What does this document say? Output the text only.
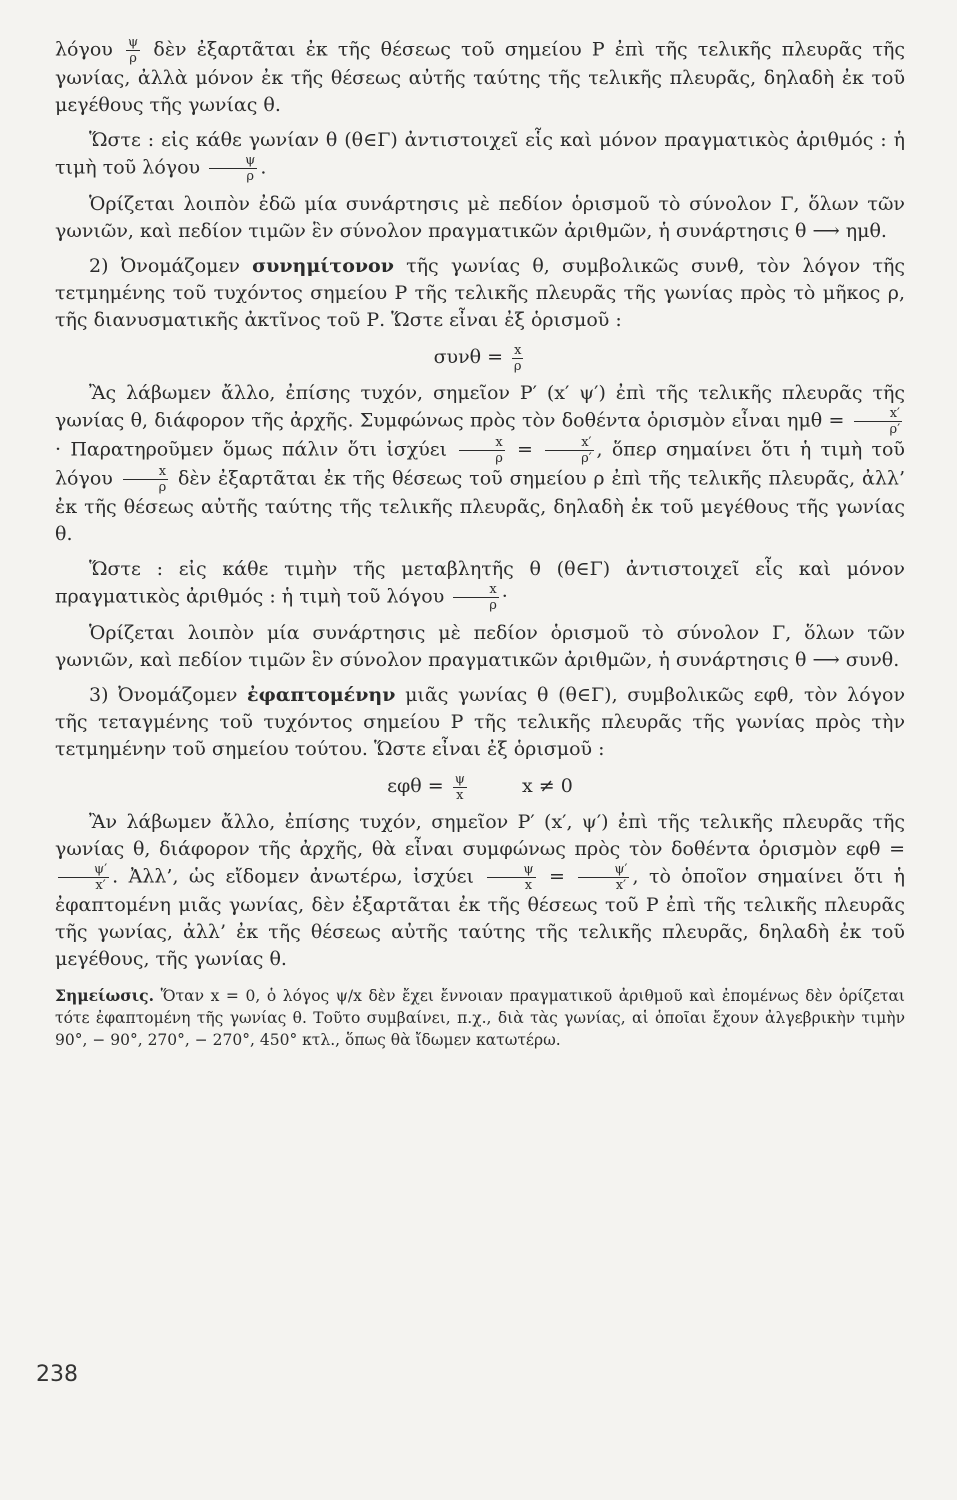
λόγου $\frac{\psi}{\rho}$ δὲν ἐξαρτᾶται ἐκ τῆς θέσεως τοῦ σημείου Ρ ἐπὶ τῆς τελικῆς πλευρᾶς τῆς γωνίας, ἀλλὰ μόνον ἐκ τῆς θέσεως αὐτῆς ταύτης τῆς τελικῆς πλευρᾶς, δηλαδὴ ἐκ τοῦ μεγέθους τῆς γωνίας θ.

Ὥστε : εἰς κάθε γωνίαν θ (θ∈Γ) ἀντιστοιχεῖ εἷς καὶ μόνον πραγματικὸς ἀριθμός : ἡ τιμὴ τοῦ λόγου $\frac{\psi}{\rho}$ .

Ὁρίζεται λοιπὸν ἐδῶ μία συνάρτησις μὲ πεδίον ὁρισμοῦ τὸ σύνολον Γ, ὅλων τῶν γωνιῶν, καὶ πεδίον τιμῶν ἓν σύνολον πραγματικῶν ἀριθμῶν, ἡ συνάρτησις θ ⟶ ημθ.

2) Ὀνομάζομεν συνημίτονον τῆς γωνίας θ, συμβολικῶς συνθ, τὸν λόγον τῆς τετμημένης τοῦ τυχόντος σημείου Ρ τῆς τελικῆς πλευρᾶς τῆς γωνίας πρὸς τὸ μῆκος ρ, τῆς διανυσματικῆς ἀκτῖνος τοῦ Ρ. Ὥστε εἶναι ἐξ ὁρισμοῦ :

$\sigma\upsilon\nu\theta = \frac{x}{\rho}$

Ἂς λάβωμεν ἄλλο, ἐπίσης τυχόν, σημεῖον Ρ′ (x′ ψ′) ἐπὶ τῆς τελικῆς πλευρᾶς τῆς γωνίας θ, διάφορον τῆς ἀρχῆς. Συμφώνως πρὸς τὸν δοθέντα ὁρισμὸν εἶναι $\eta\mu\theta = \frac{x'}{\rho'}$
· Παρατηροῦμεν ὅμως πάλιν ὅτι ἰσχύει $\frac{x}{\rho} = \frac{x'}{\rho'}$ , ὅπερ σημαίνει ὅτι ἡ τιμὴ τοῦ λόγου $\frac{x}{\rho}$ δὲν ἐξαρτᾶται ἐκ τῆς θέσεως τοῦ σημείου ρ ἐπὶ τῆς τελικῆς πλευρᾶς, ἀλλ’ ἐκ τῆς θέσεως αὐτῆς ταύτης τῆς τελικῆς πλευρᾶς, δηλαδὴ ἐκ τοῦ μεγέθους τῆς γωνίας θ.

Ὥστε : εἰς κάθε τιμὴν τῆς μεταβλητῆς θ (θ∈Γ) ἀντιστοιχεῖ εἷς καὶ μόνον πραγματικὸς ἀριθμός : ἡ τιμὴ τοῦ λόγου $\frac{x}{\rho}$ ·

Ὁρίζεται λοιπὸν μία συνάρτησις μὲ πεδίον ὁρισμοῦ τὸ σύνολον Γ, ὅλων τῶν γωνιῶν, καὶ πεδίον τιμῶν ἓν σύνολον πραγματικῶν ἀριθμῶν, ἡ συνάρτησις θ ⟶ συνθ.

3) Ὀνομάζομεν ἐφαπτομένην μιᾶς γωνίας θ (θ∈Γ), συμβολικῶς εφθ, τὸν λόγον τῆς τεταγμένης τοῦ τυχόντος σημείου Ρ τῆς τελικῆς πλευρᾶς τῆς γωνίας πρὸς τὴν τετμημένην τοῦ σημείου τούτου. Ὥστε εἶναι ἐξ ὁρισμοῦ :

$\varepsilon\varphi\theta = \frac{\psi}{x}$	x ≠ 0

Ἂν λάβωμεν ἄλλο, ἐπίσης τυχόν, σημεῖον Ρ′ (x′, ψ′) ἐπὶ τῆς τελικῆς πλευρᾶς τῆς γωνίας θ, διάφορον τῆς ἀρχῆς, θὰ εἶναι συμφώνως πρὸς τὸν δοθέντα ὁρισμὸν εφθ =
$\frac{\psi'}{x'}$ . Ἀλλ’, ὡς εἴδομεν ἀνωτέρω, ἰσχύει $\frac{\psi}{x} = \frac{\psi'}{x'}$ , τὸ ὁποῖον σημαίνει ὅτι ἡ ἐφαπτομένη μιᾶς γωνίας, δὲν ἐξαρτᾶται ἐκ τῆς θέσεως τοῦ Ρ ἐπὶ τῆς τελικῆς πλευρᾶς τῆς γωνίας, ἀλλ’ ἐκ τῆς θέσεως αὐτῆς ταύτης τῆς τελικῆς πλευρᾶς, δηλαδὴ ἐκ τοῦ μεγέθους, τῆς γωνίας θ.

Σημείωσις. Ὅταν x = 0, ὁ λόγος ψ/x δὲν ἔχει ἔννοιαν πραγματικοῦ ἀριθμοῦ καὶ ἐπομένως δὲν ὁρίζεται τότε ἐφαπτομένη τῆς γωνίας θ. Τοῦτο συμβαίνει, π.χ., διὰ τὰς γωνίας, αἱ ὁποῖαι ἔχουν ἀλγεβρικὴν τιμὴν 90°, − 90°, 270°, − 270°, 450° κτλ., ὅπως θὰ ἴδωμεν κατωτέρω.

238
